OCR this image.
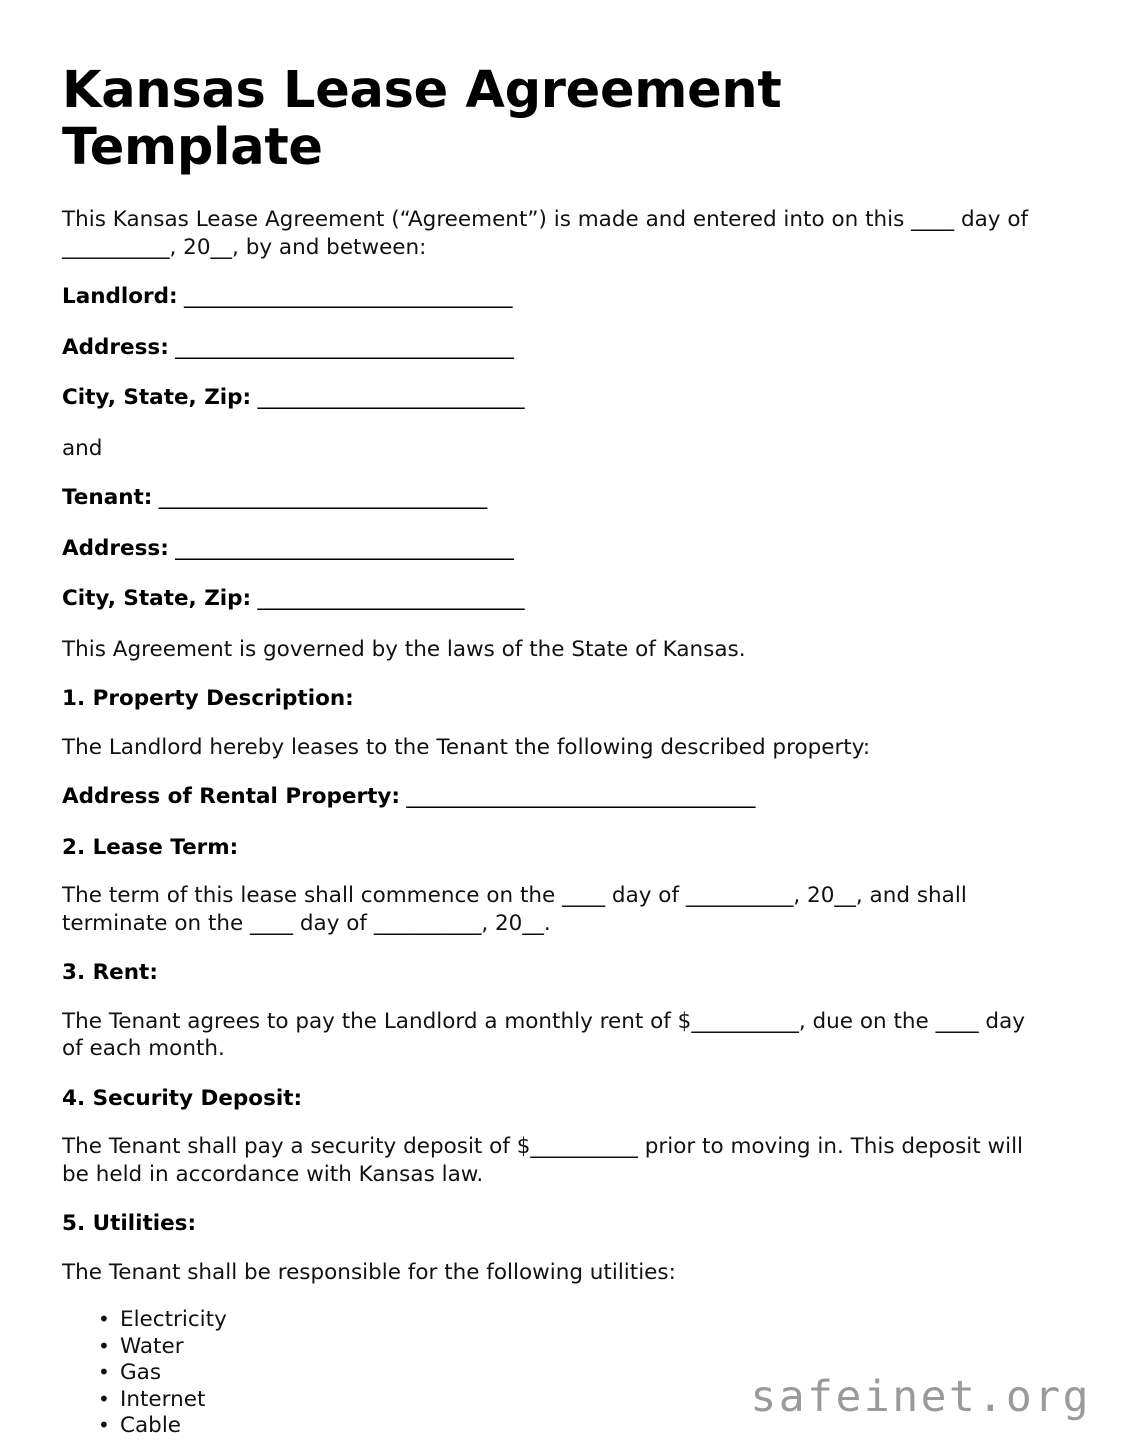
Kansas Lease Agreement Template

This Kansas Lease Agreement (“Agreement”) is made and entered into on this ____ day of __________, 20__, by and between:

Landlord: ________________________________

Address: _________________________________

City, State, Zip: __________________________

and

Tenant: ________________________________

Address: _________________________________

City, State, Zip: __________________________

This Agreement is governed by the laws of the State of Kansas.

1. Property Description:

The Landlord hereby leases to the Tenant the following described property:

Address of Rental Property: __________________________________

2. Lease Term:

The term of this lease shall commence on the ____ day of __________, 20__, and shall terminate on the ____ day of __________, 20__.

3. Rent:

The Tenant agrees to pay the Landlord a monthly rent of $__________, due on the ____ day of each month.

4. Security Deposit:

The Tenant shall pay a security deposit of $__________ prior to moving in. This deposit will be held in accordance with Kansas law.

5. Utilities:

The Tenant shall be responsible for the following utilities:

• Electricity
• Water
• Gas
• Internet
• Cable
safeinet.org
